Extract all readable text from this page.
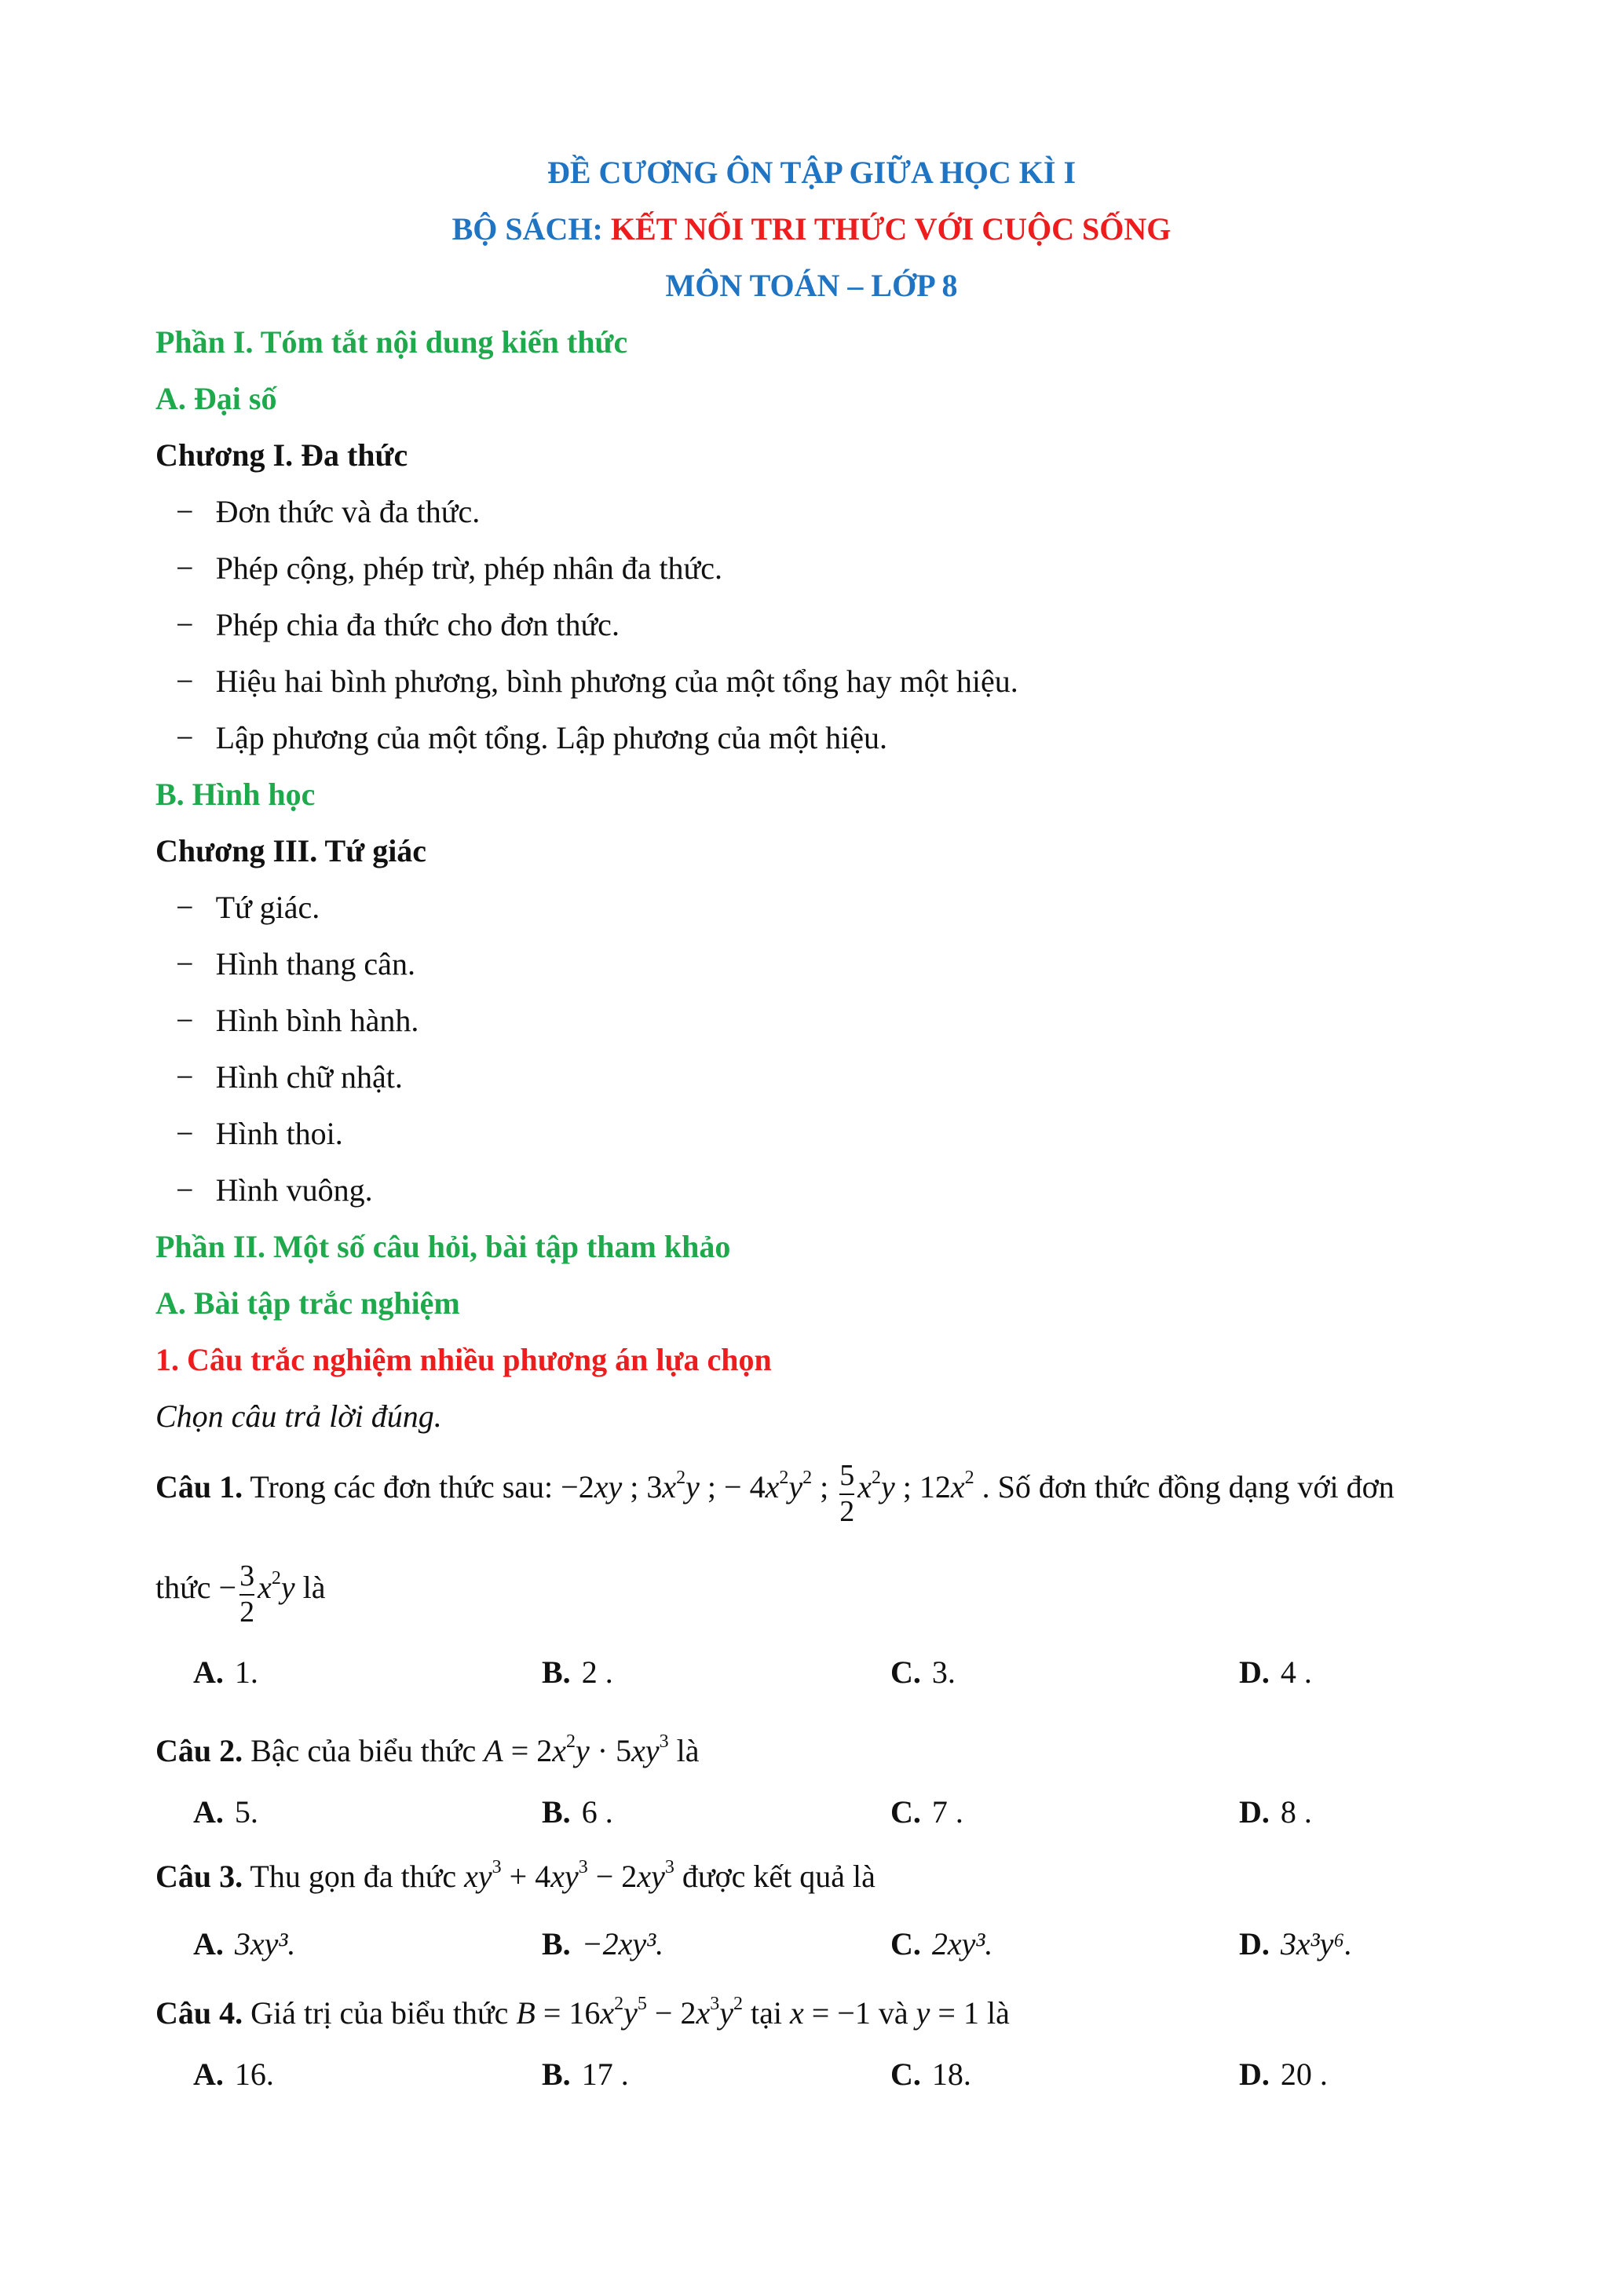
ĐỀ CƯƠNG ÔN TẬP GIỮA HỌC KÌ I
BỘ SÁCH: KẾT NỐI TRI THỨC VỚI CUỘC SỐNG
MÔN TOÁN – LỚP 8
Phần I. Tóm tắt nội dung kiến thức
A. Đại số
Chương I. Đa thức
− Đơn thức và đa thức.
− Phép cộng, phép trừ, phép nhân đa thức.
− Phép chia đa thức cho đơn thức.
− Hiệu hai bình phương, bình phương của một tổng hay một hiệu.
− Lập phương của một tổng. Lập phương của một hiệu.
B. Hình học
Chương III. Tứ giác
− Tứ giác.
− Hình thang cân.
− Hình bình hành.
− Hình chữ nhật.
− Hình thoi.
− Hình vuông.
Phần II. Một số câu hỏi, bài tập tham khảo
A. Bài tập trắc nghiệm
1. Câu trắc nghiệm nhiều phương án lựa chọn
Chọn câu trả lời đúng.
Câu 1. Trong các đơn thức sau: −2xy ; $3x^2y$ ; − $4x^2y^2$ ; $\frac{5}{2} x^2y$ ; $12x^2$ . Số đơn thức đồng dạng với đơn
thức − $\frac{3}{2} x^2y$ là
A. 1.	B. 2 .	C. 3.	D. 4 .
Câu 2. Bậc của biểu thức $A = 2x^2y \cdot 5xy^3$ là
A. 5.	B. 6 .	C. 7 .	D. 8 .
Câu 3. Thu gọn đa thức $xy^3 + 4xy^3 - 2xy^3$ được kết quả là
A. 3xy³.	B. −2xy³.	C. 2xy³.	D. 3x³y⁶.
Câu 4. Giá trị của biểu thức $B = 16x^2y^5 - 2x^3y^2$ tại x = −1 và y = 1 là
A. 16.	B. 17 .	C. 18.	D. 20 .
